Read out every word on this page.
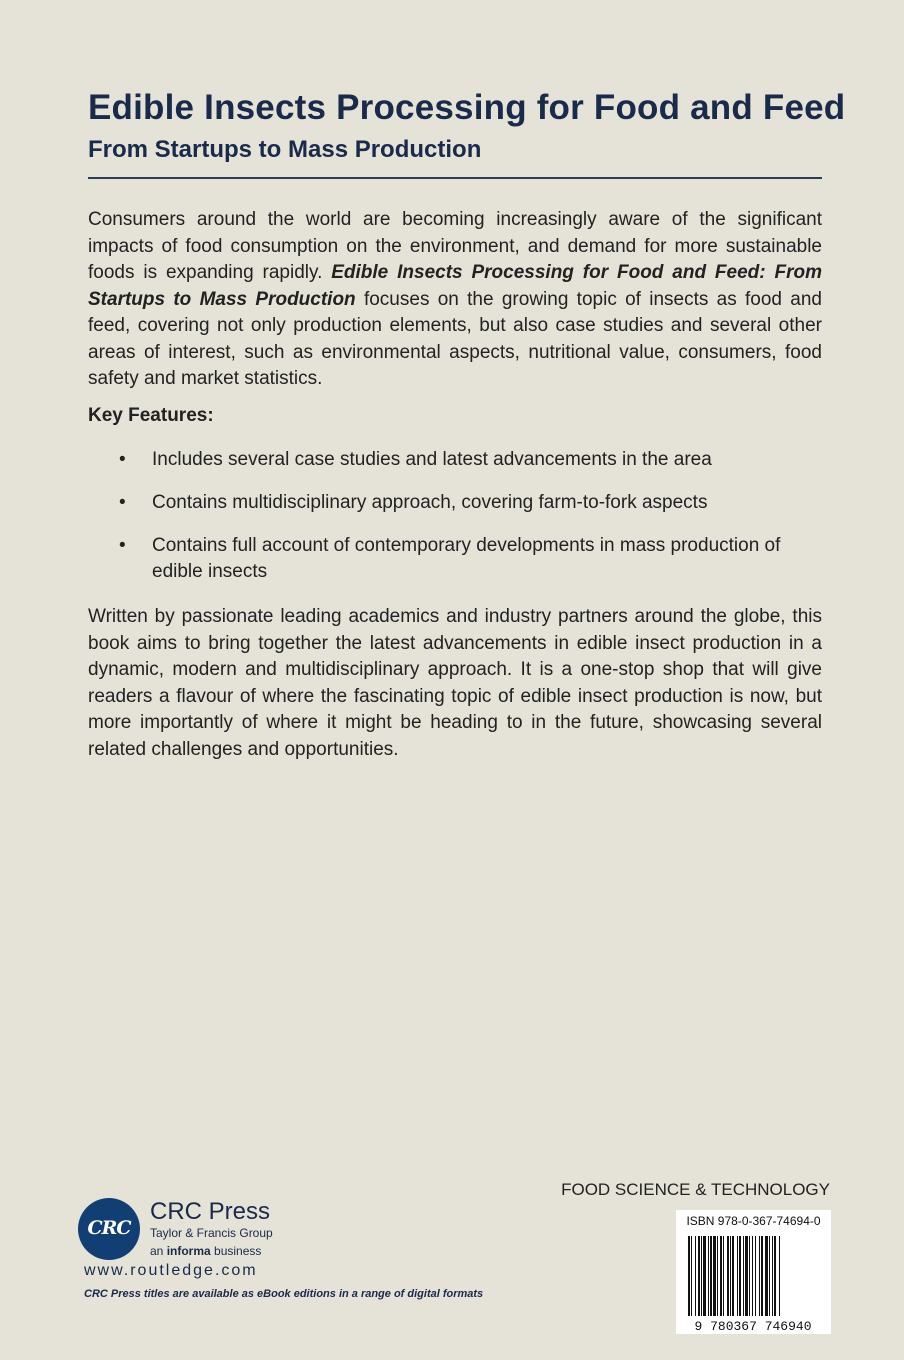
Edible Insects Processing for Food and Feed
From Startups to Mass Production
Consumers around the world are becoming increasingly aware of the significant impacts of food consumption on the environment, and demand for more sustainable foods is expanding rapidly. Edible Insects Processing for Food and Feed: From Startups to Mass Production focuses on the growing topic of insects as food and feed, covering not only production elements, but also case studies and several other areas of interest, such as environmental aspects, nutritional value, consumers, food safety and market statistics.
Key Features:
• Includes several case studies and latest advancements in the area
• Contains multidisciplinary approach, covering farm-to-fork aspects
• Contains full account of contemporary developments in mass production of edible insects
Written by passionate leading academics and industry partners around the globe, this book aims to bring together the latest advancements in edible insect production in a dynamic, modern and multidisciplinary approach. It is a one-stop shop that will give readers a flavour of where the fascinating topic of edible insect production is now, but more importantly of where it might be heading to in the future, showcasing several related challenges and opportunities.
FOOD SCIENCE & TECHNOLOGY
ISBN 978-0-367-74694-0
9 780367 746940
CRC
CRC Press
Taylor & Francis Group
an informa business
www.routledge.com
CRC Press titles are available as eBook editions in a range of digital formats
